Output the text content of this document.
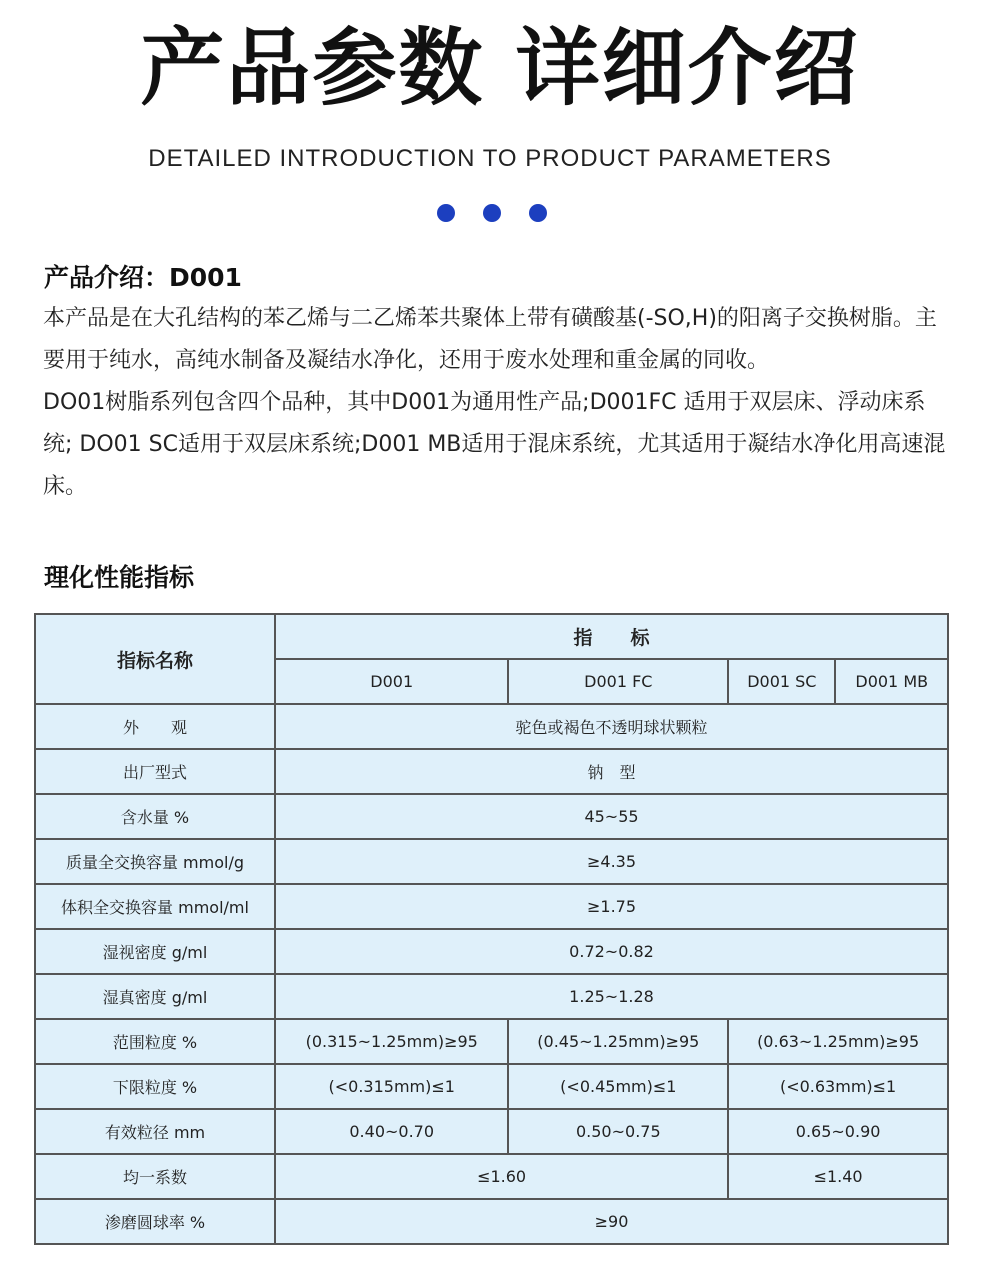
产品参数 详细介绍
DETAILED INTRODUCTION TO PRODUCT PARAMETERS
产品介绍：D001

本产品是在大孔结构的苯乙烯与二乙烯苯共聚体上带有磺酸基(-SO,H)的阳离子交换树脂。主要用于纯水，高纯水制备及凝结水净化，还用于废水处理和重金属的同收。

DO01树脂系列包含四个品种，其中D001为通用性产品;D001FC 适用于双层床、浮动床系统; DO01 SC适用于双层床系统;D001 MB适用于混床系统，尤其适用于凝结水净化用高速混床。

理化性能指标
指标名称	指　　标			
	D001	D001 FC	D001 SC	D001 MB
外　　观	驼色或褐色不透明球状颗粒			
出厂型式	钠　型			
含水量 %	45~55			
质量全交换容量 mmol/g	≥4.35			
体积全交换容量 mmol/ml	≥1.75			
湿视密度 g/ml	0.72~0.82			
湿真密度 g/ml	1.25~1.28			
范围粒度 %	(0.315~1.25mm)≥95	(0.45~1.25mm)≥95	(0.63~1.25mm)≥95	
下限粒度 %	(<0.315mm)≤1	(<0.45mm)≤1	(<0.63mm)≤1	
有效粒径 mm	0.40~0.70	0.50~0.75	0.65~0.90	
均一系数	≤1.60		≤1.40	
渗磨圆球率 %	≥90			
